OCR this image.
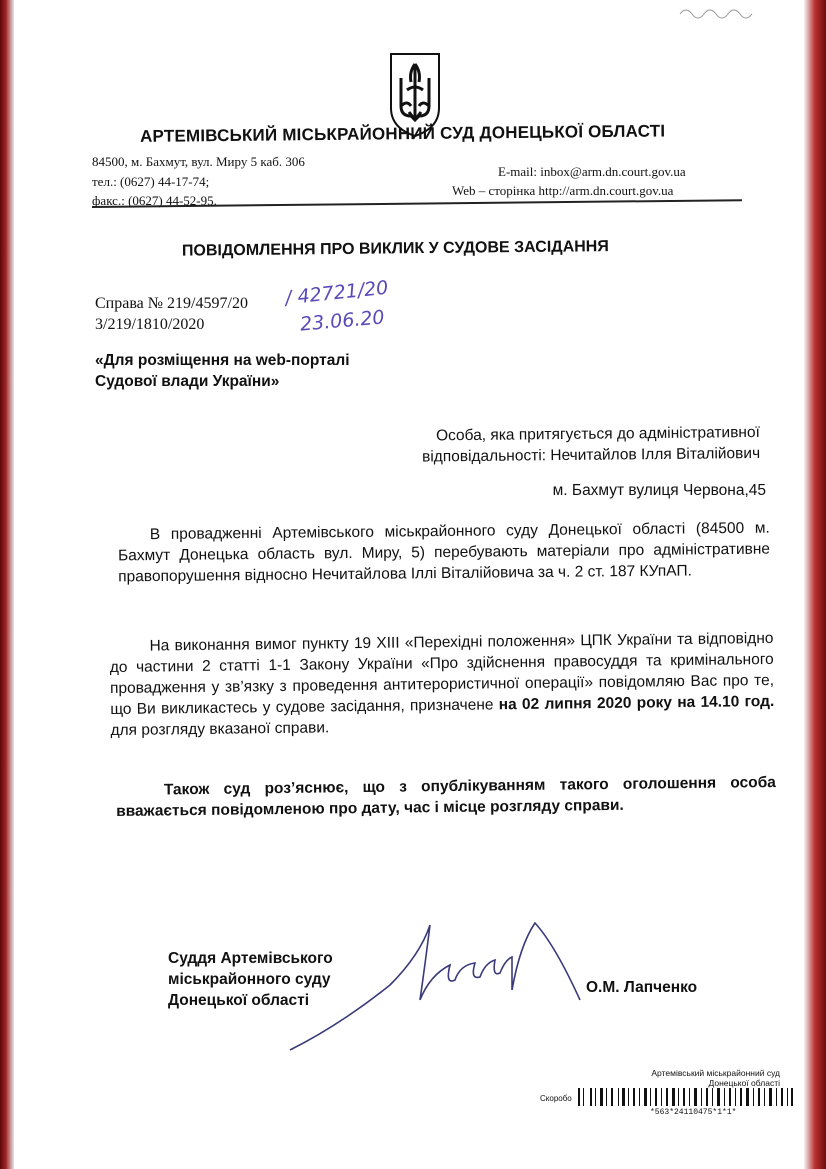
АРТЕМІВСЬКИЙ МІСЬКРАЙОННИЙ СУД ДОНЕЦЬКОЇ ОБЛАСТІ
84500, м. Бахмут, вул. Миру 5 каб. 306
тел.: (0627) 44-17-74;
факс.: (0627) 44-52-95.
E-mail: inbox@arm.dn.court.gov.ua
Web – сторінка http://arm.dn.court.gov.ua
ПОВІДОМЛЕННЯ ПРО ВИКЛИК У СУДОВЕ ЗАСІДАННЯ
Справа № 219/4597/20
3/219/1810/2020
/ 42721/20
23.06.20
«Для розміщення на web-порталі
Судової влади України»
Особа, яка притягується до адміністративної
відповідальності: Нечитайлов Ілля Віталійович
м. Бахмут вулиця Червона,45
В провадженні Артемівського міськрайонного суду Донецької області (84500 м. Бахмут Донецька область вул. Миру, 5) перебувають матеріали про адміністративне правопорушення відносно Нечитайлова Іллі Віталійовича за ч. 2 ст. 187 КУпАП.
На виконання вимог пункту 19 ХІІІ «Перехідні положення» ЦПК України та відповідно до частини 2 статті 1-1 Закону України «Про здійснення правосуддя та кримінального провадження у зв’язку з проведення антитерористичної операції» повідомляю Вас про те, що Ви викликастесь у судове засідання, призначене на 02 липня 2020 року на 14.10 год. для розгляду вказаної справи.
Також суд роз’яснює, що з опублікуванням такого оголошення особа вважається повідомленою про дату, час і місце розгляду справи.
Суддя Артемівського
міськрайонного суду
Донецької області
О.М. Лапченко
Артемівський міськрайонний суд
Донецької області
Скоробо
*563*24110475*1*1*
